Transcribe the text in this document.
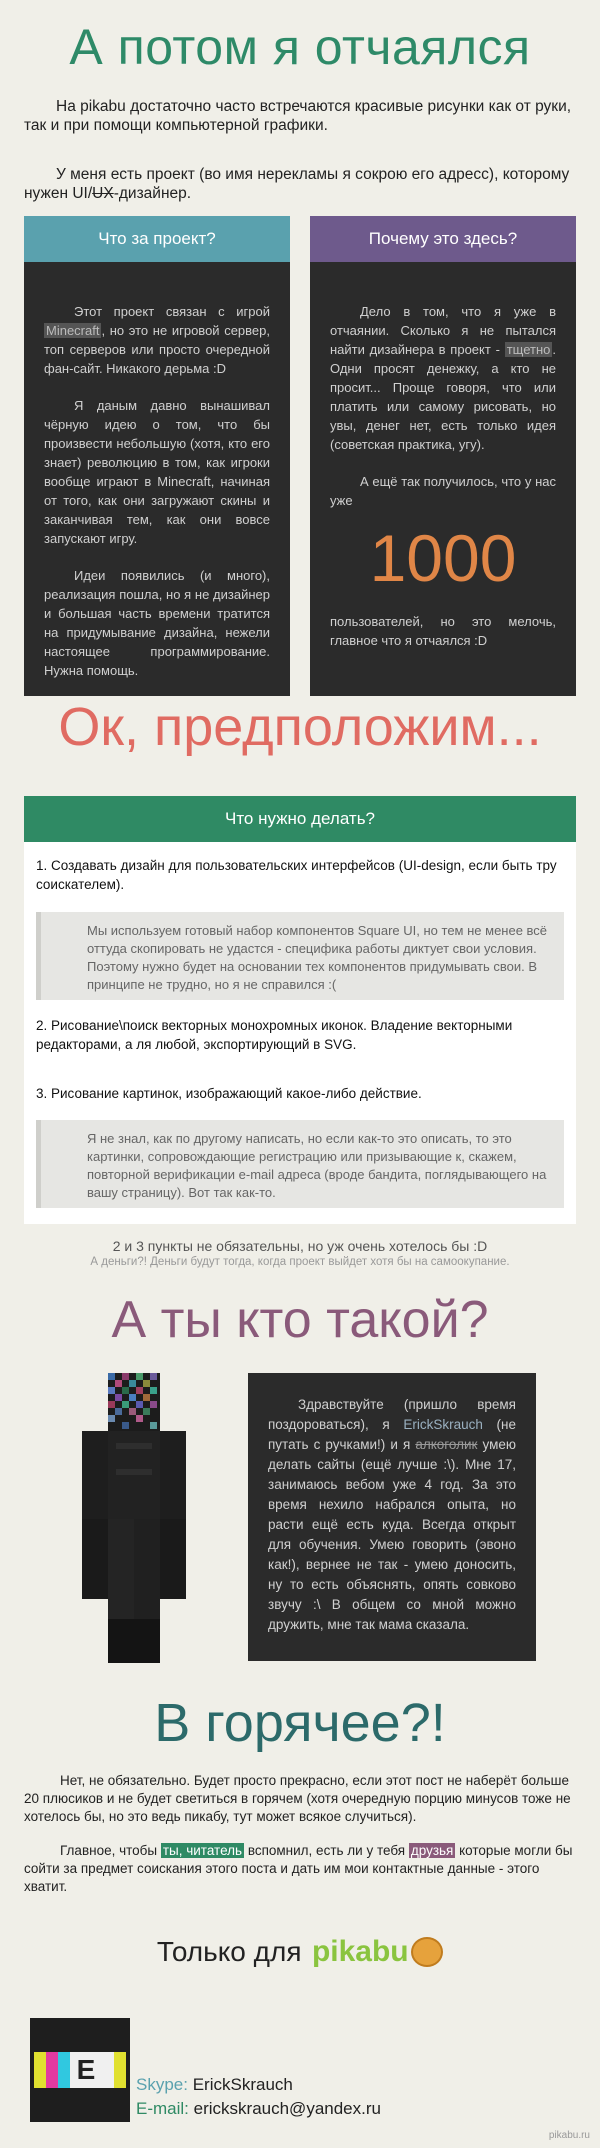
А потом я отчаялся
На pikabu достаточно часто встречаются красивые рисунки как от руки, так и при помощи компьютерной графики.
У меня есть проект (во имя нерекламы я сокрою его адресс), которому нужен UI/UX-дизайнер.
Что за проект?

Этот проект связан с игрой Minecraft , но это не игровой сервер, топ серверов или просто очередной фан-сайт. Никакого дерьма :D

Я даным давно вынашивал чёрную идею о том, что бы произвести небольшую (хотя, кто его знает) революцию в том, как игроки вообще играют в Minecraft, начиная от того, как они загружают скины и заканчивая тем, как они вовсе запускают игру.

Идеи появились (и много), реализация пошла, но я не дизайнер и большая часть времени тратится на придумывание дизайна, нежели настоящее программирование. Нужна помощь.

Почему это здесь?

Дело в том, что я уже в отчаянии. Сколько я не пытался найти дизайнера в проект - тщетно . Одни просят денежку, а кто не просит... Проще говоря, что или платить или самому рисовать, но увы, денег нет, есть только идея (советская практика, угу).

А ещё так получилось, что у нас уже

1000

пользователей, но это мелочь, главное что я отчаялся :D

Ок, предположим...
Что нужно делать?
1. Создавать дизайн для пользовательских интерфейсов (UI-design, если быть тру соискателем).
Мы используем готовый набор компонентов Square UI, но тем не менее всё оттуда скопировать не удастся - специфика работы диктует свои условия. Поэтому нужно будет на основании тех компонентов придумывать свои. В принципе не трудно, но я не справился :(
2. Рисование\поиск векторных монохромных иконок. Владение векторными редакторами, а ля любой, экспортирующий в SVG.
3. Рисование картинок, изображающий какое-либо действие.
Я не знал, как по другому написать, но если как-то это описать, то это картинки, сопровождающие регистрацию или призывающие к, скажем, повторной верификации e-mail адреса (вроде бандита, поглядывающего на вашу страницу). Вот так как-то.
2 и 3 пункты не обязательны, но уж очень хотелось бы :D
А деньги?! Деньги будут тогда, когда проект выйдет хотя бы на самоокупание.
А ты кто такой?
Здравствуйте (пришло время поздороваться), я ErickSkrauch (не путать с ручками!) и я алкоголик умею делать сайты (ещё лучше :\). Мне 17, занимаюсь вебом уже 4 год. За это время нехило набрался опыта, но расти ещё есть куда. Всегда открыт для обучения. Умею говорить (эвоно как!), вернее не так - умею доносить, ну то есть объяснять, опять совково звучу :\ В общем со мной можно дружить, мне так мама сказала.
В горячее?!
Нет, не обязательно. Будет просто прекрасно, если этот пост не наберёт больше 20 плюсиков и не будет светиться в горячем (хотя очередную порцию минусов тоже не хотелось бы, но это ведь пикабу, тут может всякое случиться).
Главное, чтобы ты, читатель вспомнил, есть ли у тебя друзья которые могли бы сойти за предмет соискания этого поста и дать им мои контактные данные - этого хватит.
Только для pikabu
E	Skype: ErickSkrauch
E-mail: erickskrauch@yandex.ru
pikabu.ru
